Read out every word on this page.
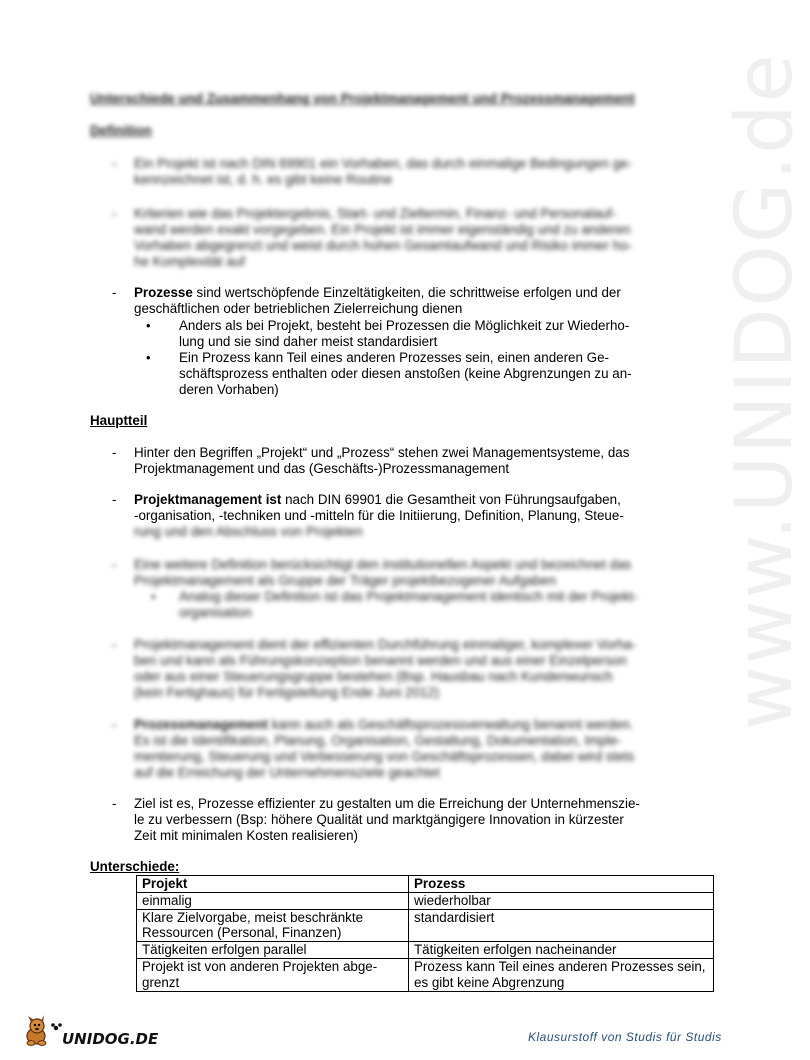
www.UNIDOG.de
Unterschiede und Zusammenhang von Projektmanagement und Prozessmanagement
Definition
- Ein Projekt ist nach DIN 69901 ein Vorhaben, das durch einmalige Bedingungen ge-
kennzeichnet ist, d. h. es gibt keine Routine
- Kriterien wie das Projektergebnis, Start- und Zieltermin, Finanz- und Personalauf-
wand werden exakt vorgegeben. Ein Projekt ist immer eigenständig und zu anderen
Vorhaben abgegrenzt und weist durch hohen Gesamtaufwand und Risiko immer ho-
he Komplexität auf
- Prozesse sind wertschöpfende Einzeltätigkeiten, die schrittweise erfolgen und der
geschäftlichen oder betrieblichen Zielerreichung dienen
• Anders als bei Projekt, besteht bei Prozessen die Möglichkeit zur Wiederho-
lung und sie sind daher meist standardisiert
• Ein Prozess kann Teil eines anderen Prozesses sein, einen anderen Ge-
schäftsprozess enthalten oder diesen anstoßen (keine Abgrenzungen zu an-
deren Vorhaben)
Hauptteil
- Hinter den Begriffen „Projekt“ und „Prozess“ stehen zwei Managementsysteme, das
Projektmanagement und das (Geschäfts-)Prozessmanagement
- Projektmanagement ist nach DIN 69901 die Gesamtheit von Führungsaufgaben,
-organisation, -techniken und -mitteln für die Initiierung, Definition, Planung, Steue-
rung und den Abschluss von Projekten
- Eine weitere Definition berücksichtigt den institutionellen Aspekt und bezeichnet das
Projektmanagement als Gruppe der Träger projektbezogener Aufgaben
• Analog dieser Definition ist das Projektmanagement identisch mit der Projekt-
organisation
- Projektmanagement dient der effizienten Durchführung einmaliger, komplexer Vorha-
ben und kann als Führungskonzeption benannt werden und aus einer Einzelperson
oder aus einer Steuerungsgruppe bestehen (Bsp. Hausbau nach Kundenwunsch
(kein Fertighaus) für Fertigstellung Ende Juni 2012)
- Prozessmanagement kann auch als Geschäftsprozessverwaltung benannt werden.
Es ist die Identifikation, Planung, Organisation, Gestaltung, Dokumentation, Imple-
mentierung, Steuerung und Verbesserung von Geschäftsprozessen, dabei wird stets
auf die Erreichung der Unternehmensziele geachtet
- Ziel ist es, Prozesse effizienter zu gestalten um die Erreichung der Unternehmenszie-
le zu verbessern (Bsp: höhere Qualität und marktgängigere Innovation in kürzester
Zeit mit minimalen Kosten realisieren)
Unterschiede:
Projekt	Prozess
einmalig	wiederholbar
Klare Zielvorgabe, meist beschränkte Ressourcen (Personal, Finanzen)	standardisiert
Tätigkeiten erfolgen parallel	Tätigkeiten erfolgen nacheinander
Projekt ist von anderen Projekten abge-grenzt	Prozess kann Teil eines anderen Prozesses sein, es gibt keine Abgrenzung
UNIDOG.DE	Klausurstoff von Studis für Studis
